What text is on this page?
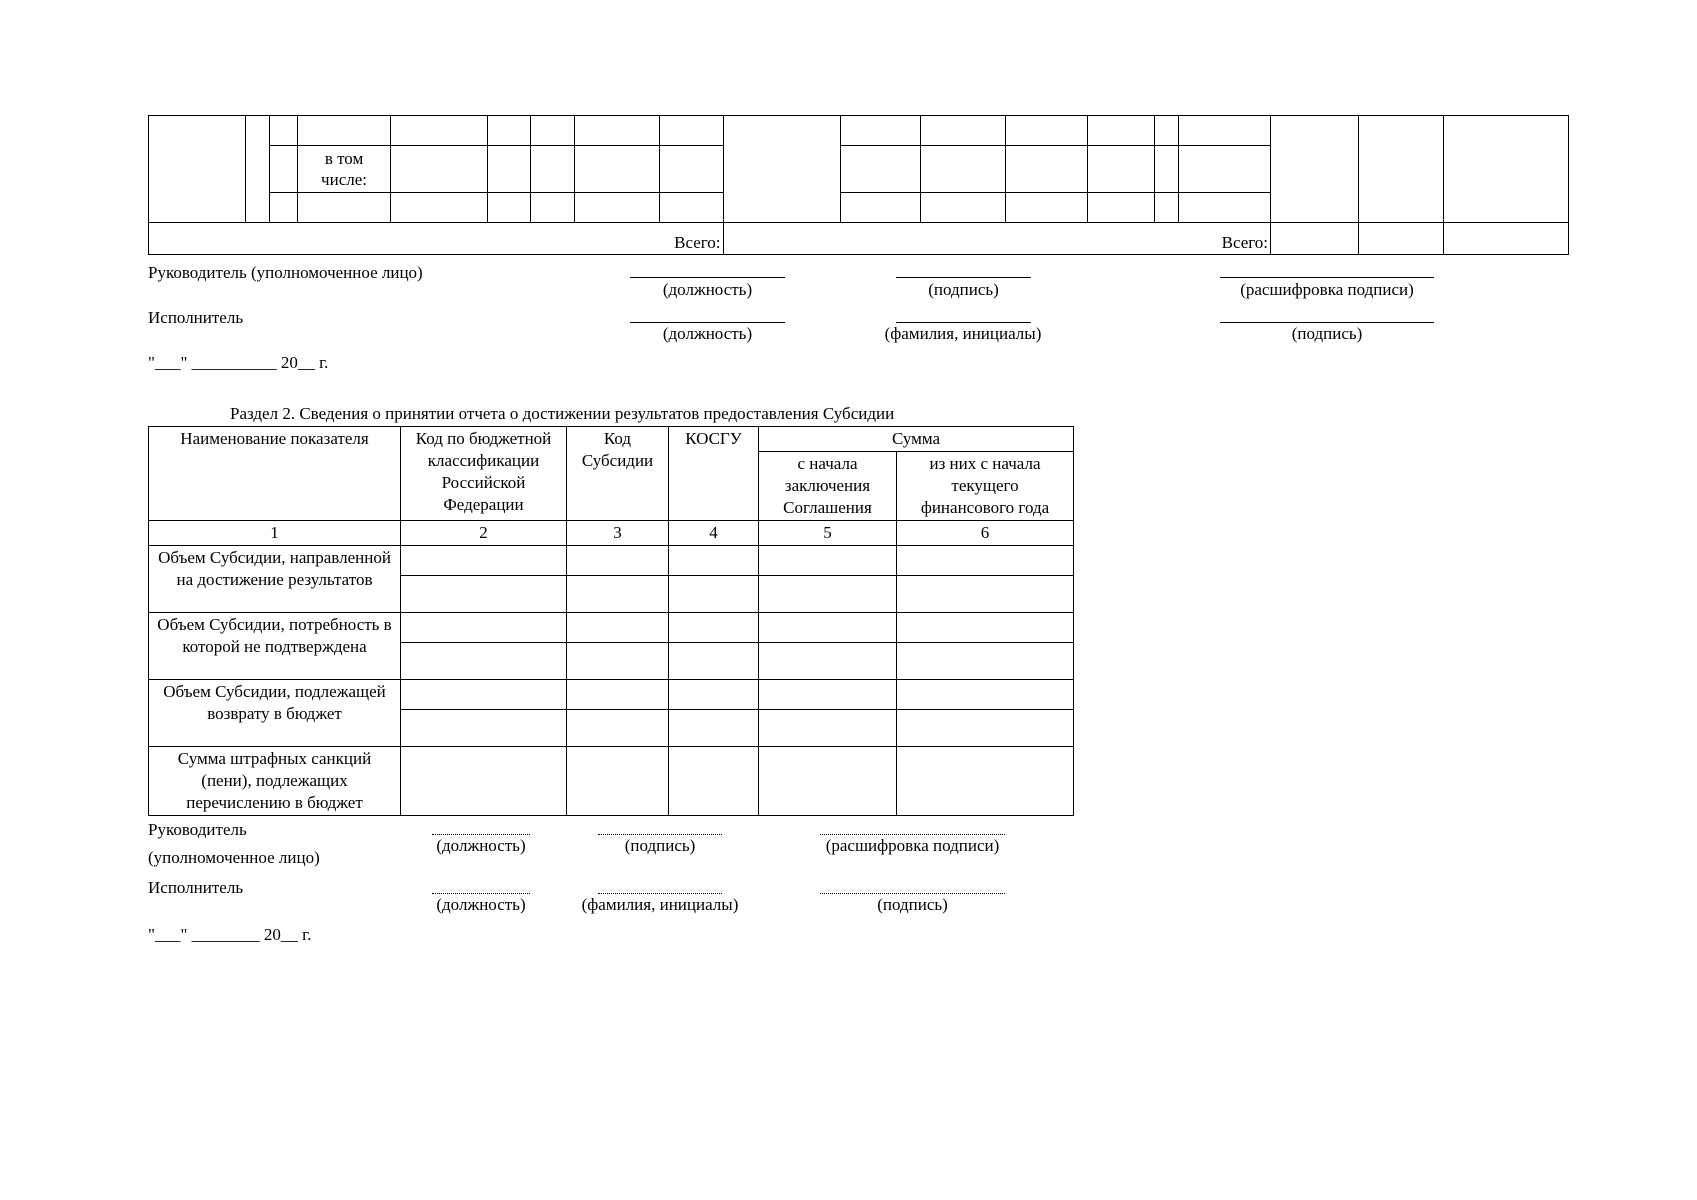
			в том числе:															

Всего:									Всего:									
Руководитель (уполномоченное лицо)
(должность)	(подпись)	(расшифровка подписи)
Исполнитель
(должность)	(фамилия, инициалы)	(подпись)
"___" __________ 20__ г.
Раздел 2. Сведения о принятии отчета о достижении результатов предоставления Субсидии
Наименование показателя	Код по бюджетной классификации Российской Федерации	Код Субсидии	КОСГУ	Сумма	
				с начала заключения Соглашения	из них с начала текущего финансового года
1	2	3	4	5	6
Объем Субсидии, направленной на достижение результатов					

Объем Субсидии, потребность в которой не подтверждена					

Объем Субсидии, подлежащей возврату в бюджет					

Сумма штрафных санкций (пени), подлежащих перечислению в бюджет					
Руководитель
(уполномоченное лицо)
(должность)	(подпись)	(расшифровка подписи)
Исполнитель
(должность)	(фамилия, инициалы)	(подпись)
"___" ________ 20__ г.
